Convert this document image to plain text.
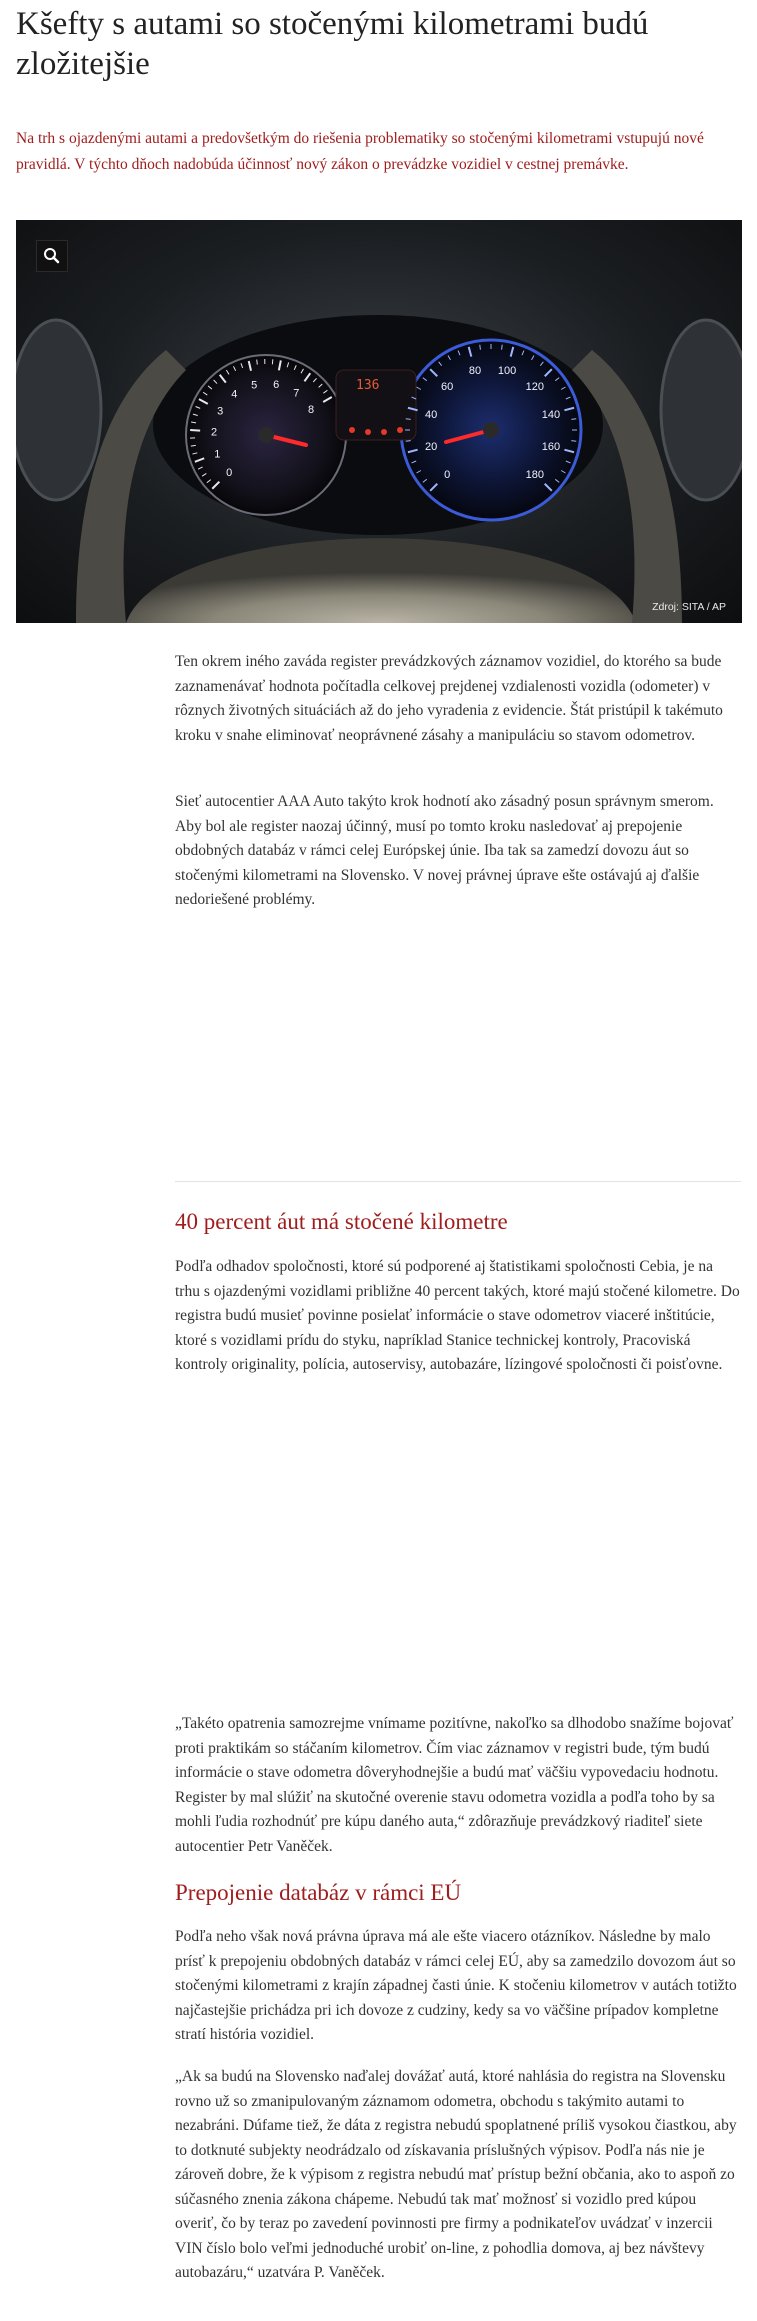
Kšefty s autami so stočenými kilometrami budú zložitejšie

Na trh s ojazdenými autami a predovšetkým do riešenia problematiky so stočenými kilometrami vstupujú nové pravidlá. V týchto dňoch nadobúda účinnosť nový zákon o prevádzke vozidiel v cestnej premávke.

0
1
2
3
4
5 6
7
8
0
20
40
60
80 100
120
140
160
180
136
Zdroj: SITA / AP

Ten okrem iného zaváda register prevádzkových záznamov vozidiel, do ktorého sa bude zaznamenávať hodnota počítadla celkovej prejdenej vzdialenosti vozidla (odometer) v rôznych životných situáciách až do jeho vyradenia z evidencie. Štát pristúpil k takémuto kroku v snahe eliminovať neoprávnené zásahy a manipuláciu so stavom odometrov.

Sieť autocentier AAA Auto takýto krok hodnotí ako zásadný posun správnym smerom. Aby bol ale register naozaj účinný, musí po tomto kroku nasledovať aj prepojenie obdobných databáz v rámci celej Európskej únie. Iba tak sa zamedzí dovozu áut so stočenými kilometrami na Slovensko. V novej právnej úprave ešte ostávajú aj ďalšie nedoriešené problémy.

40 percent áut má stočené kilometre

Podľa odhadov spoločnosti, ktoré sú podporené aj štatistikami spoločnosti Cebia, je na trhu s ojazdenými vozidlami približne 40 percent takých, ktoré majú stočené kilometre. Do registra budú musieť povinne posielať informácie o stave odometrov viaceré inštitúcie, ktoré s vozidlami prídu do styku, napríklad Stanice technickej kontroly, Pracoviská kontroly originality, polícia, autoservisy, autobazáre, lízingové spoločnosti či poisťovne.

„Takéto opatrenia samozrejme vnímame pozitívne, nakoľko sa dlhodobo snažíme bojovať proti praktikám so stáčaním kilometrov. Čím viac záznamov v registri bude, tým budú informácie o stave odometra dôveryhodnejšie a budú mať väčšiu vypovedaciu hodnotu. Register by mal slúžiť na skutočné overenie stavu odometra vozidla a podľa toho by sa mohli ľudia rozhodnúť pre kúpu daného auta,“ zdôrazňuje prevádzkový riaditeľ siete autocentier Petr Vaněček.

Prepojenie databáz v rámci EÚ

Podľa neho však nová právna úprava má ale ešte viacero otázníkov. Následne by malo prísť k prepojeniu obdobných databáz v rámci celej EÚ, aby sa zamedzilo dovozom áut so stočenými kilometrami z krajín západnej časti únie. K stočeniu kilometrov v autách totižto najčastejšie prichádza pri ich dovoze z cudziny, kedy sa vo väčšine prípadov kompletne stratí história vozidiel.

„Ak sa budú na Slovensko naďalej dovážať autá, ktoré nahlásia do registra na Slovensku rovno už so zmanipulovaným záznamom odometra, obchodu s takýmito autami to nezabráni. Dúfame tiež, že dáta z registra nebudú spoplatnené príliš vysokou čiastkou, aby to dotknuté subjekty neodrádzalo od získavania príslušných výpisov. Podľa nás nie je zároveň dobre, že k výpisom z registra nebudú mať prístup bežní občania, ako to aspoň zo súčasného znenia zákona chápeme. Nebudú tak mať možnosť si vozidlo pred kúpou overiť, čo by teraz po zavedení povinnosti pre firmy a podnikateľov uvádzať v inzercii VIN číslo bolo veľmi jednoduché urobiť on-line, z pohodlia domova, aj bez návštevy autobazáru,“ uzatvára P. Vaněček.
